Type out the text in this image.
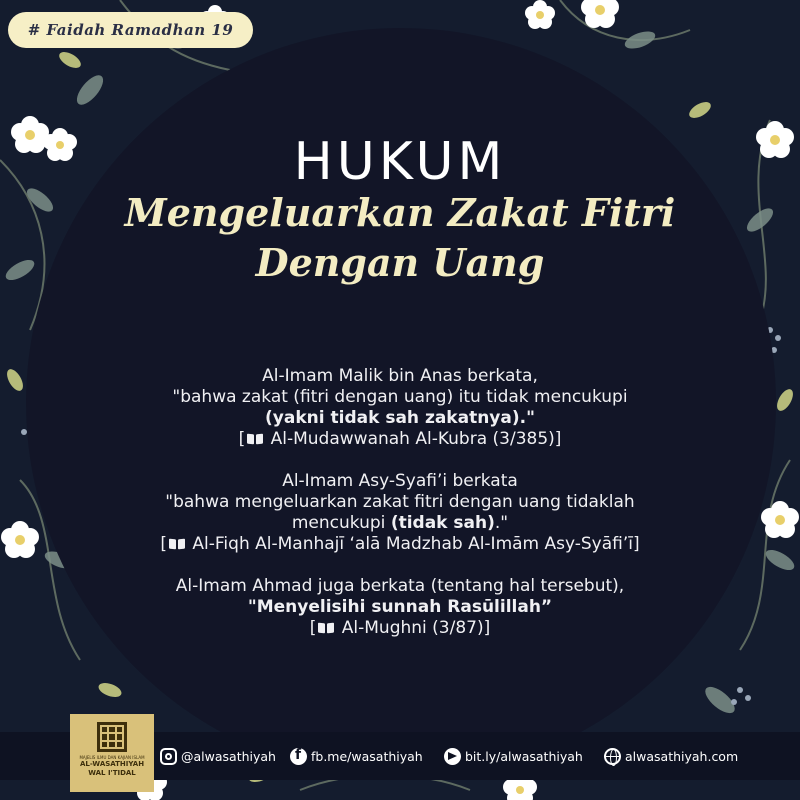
# Faidah Ramadhan 19
HUKUM
Mengeluarkan Zakat Fitri
Dengan Uang
Al-Imam Malik bin Anas berkata,
"bahwa zakat (fitri dengan uang) itu tidak mencukupi
(yakni tidak sah zakatnya)."
[ Al-Mudawwanah Al-Kubra (3/385)]
Al-Imam Asy-Syafi’i berkata
"bahwa mengeluarkan zakat fitri dengan uang tidaklah
mencukupi (tidak sah)."
[ Al-Fiqh Al-Manhajī ‘alā Madzhab Al-Imām Asy-Syāfi’ī]
Al-Imam Ahmad juga berkata (tentang hal tersebut),
"Menyelisihi sunnah Rasūlillah”
[ Al-Mughni (3/87)]
MAJELIS ILMU DAN KAJIAN ISLAM
AL-WASATHIYAH
WAL I'TIDAL
@alwasathiyah
f	fb.me/wasathiyah	bit.ly/alwasathiyah	alwasathiyah.com
